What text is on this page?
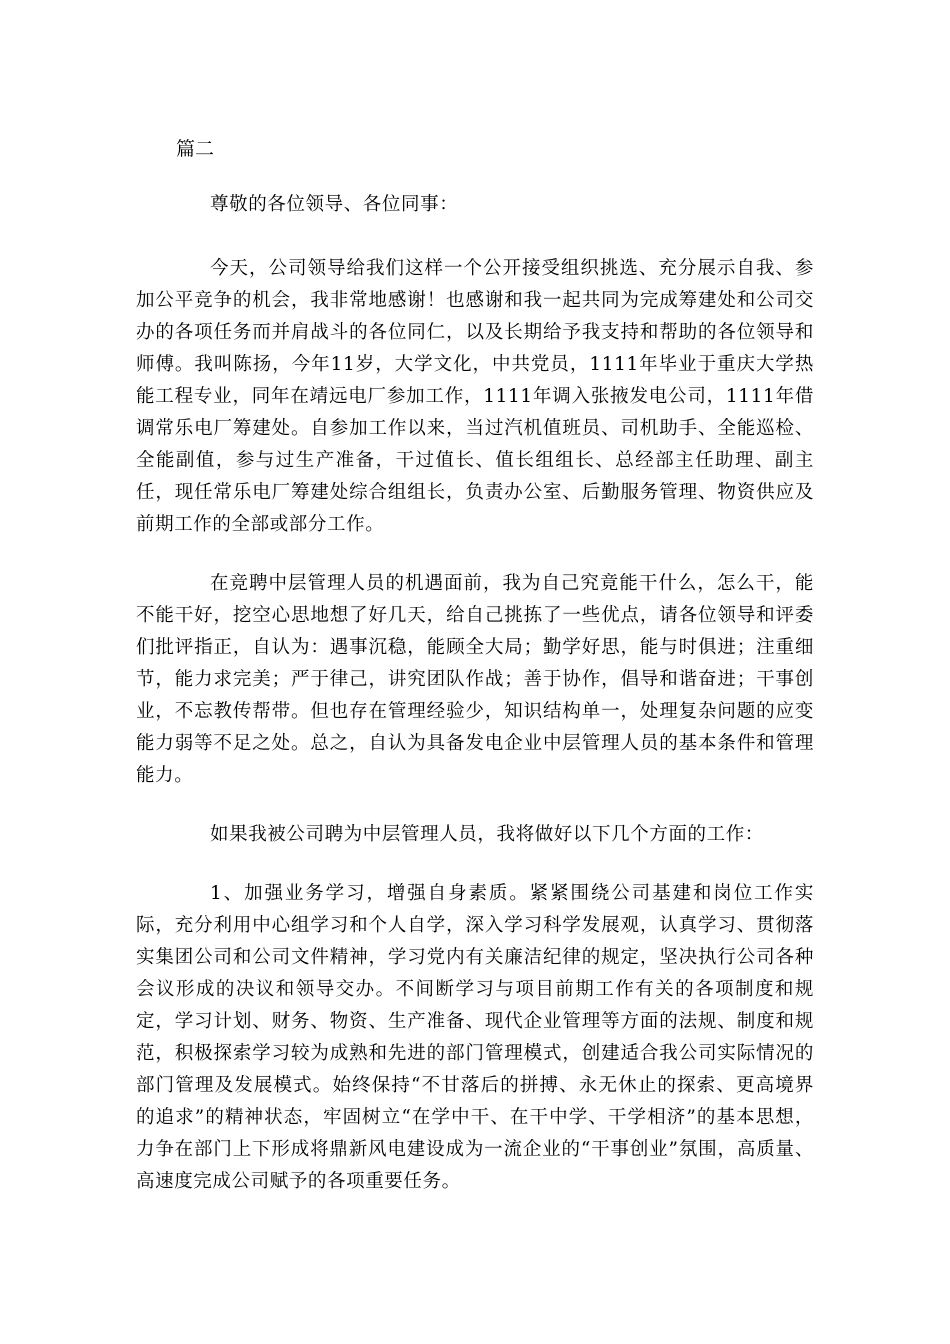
篇二

尊敬的各位领导、各位同事：

今天，公司领导给我们这样一个公开接受组织挑选、充分展示自我、参加公平竞争的机会，我非常地感谢！也感谢和我一起共同为完成筹建处和公司交办的各项任务而并肩战斗的各位同仁，以及长期给予我支持和帮助的各位领导和师傅。我叫陈扬，今年11岁，大学文化，中共党员，1111年毕业于重庆大学热能工程专业，同年在靖远电厂参加工作，1111年调入张掖发电公司，1111年借调常乐电厂筹建处。自参加工作以来，当过汽机值班员、司机助手、全能巡检、全能副值，参与过生产准备，干过值长、值长组组长、总经部主任助理、副主任，现任常乐电厂筹建处综合组组长，负责办公室、后勤服务管理、物资供应及前期工作的全部或部分工作。

在竞聘中层管理人员的机遇面前，我为自己究竟能干什么，怎么干，能不能干好，挖空心思地想了好几天，给自己挑拣了一些优点，请各位领导和评委们批评指正，自认为：遇事沉稳，能顾全大局；勤学好思，能与时俱进；注重细节，能力求完美；严于律己，讲究团队作战；善于协作，倡导和谐奋进；干事创业，不忘教传帮带。但也存在管理经验少，知识结构单一，处理复杂问题的应变能力弱等不足之处。总之，自认为具备发电企业中层管理人员的基本条件和管理能力。

如果我被公司聘为中层管理人员，我将做好以下几个方面的工作：

1、加强业务学习，增强自身素质。紧紧围绕公司基建和岗位工作实际，充分利用中心组学习和个人自学，深入学习科学发展观，认真学习、贯彻落实集团公司和公司文件精神，学习党内有关廉洁纪律的规定，坚决执行公司各种会议形成的决议和领导交办。不间断学习与项目前期工作有关的各项制度和规定，学习计划、财务、物资、生产准备、现代企业管理等方面的法规、制度和规范，积极探索学习较为成熟和先进的部门管理模式，创建适合我公司实际情况的部门管理及发展模式。始终保持“不甘落后的拼搏、永无休止的探索、更高境界的追求”的精神状态，牢固树立“在学中干、在干中学、干学相济”的基本思想，力争在部门上下形成将鼎新风电建设成为一流企业的“干事创业”氛围，高质量、高速度完成公司赋予的各项重要任务。
